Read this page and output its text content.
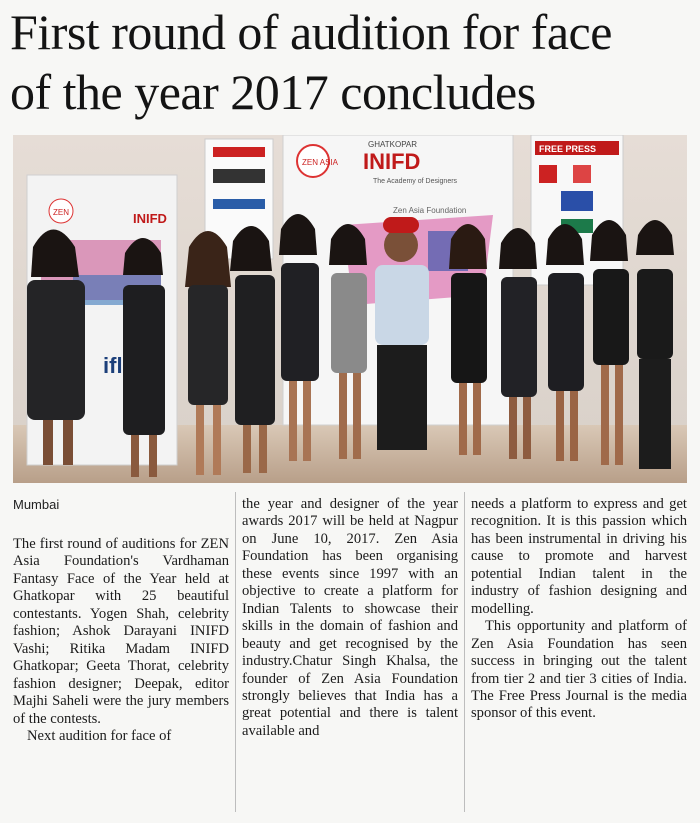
First round of audition for face
of the year 2017 concludes
ZEN	INIFD
ifl
ZEN ASIA
GHATKOPAR
INIFD
The Academy of Designers
Zen Asia Foundation
FREE PRESS

Mumbai

The first round of auditions for ZEN Asia Foundation's Vardhaman Fantasy Face of the Year held at Ghatkopar with 25 beautiful contestants. Yogen Shah, celebrity fashion; Ashok Darayani INIFD Vashi; Ritika Madam INIFD Ghatkopar; Geeta Thorat, celebrity fashion designer; Deepak, editor Majhi Saheli were the jury members of the contests.

Next audition for face of

the year and designer of the year awards 2017 will be held at Nagpur on June 10, 2017. Zen Asia Foundation has been organising these events since 1997 with an objective to create a platform for Indian Talents to showcase their skills in the domain of fashion and beauty and get recognised by the industry.Chatur Singh Khalsa, the founder of Zen Asia Foundation strongly believes that India has a great potential and there is talent available and

needs a platform to express and get recognition. It is this passion which has been instrumental in driving his cause to promote and harvest potential Indian talent in the industry of fashion designing and modelling.

This opportunity and platform of Zen Asia Foundation has seen success in bringing out the talent from tier 2 and tier 3 cities of India. The Free Press Journal is the media sponsor of this event.
